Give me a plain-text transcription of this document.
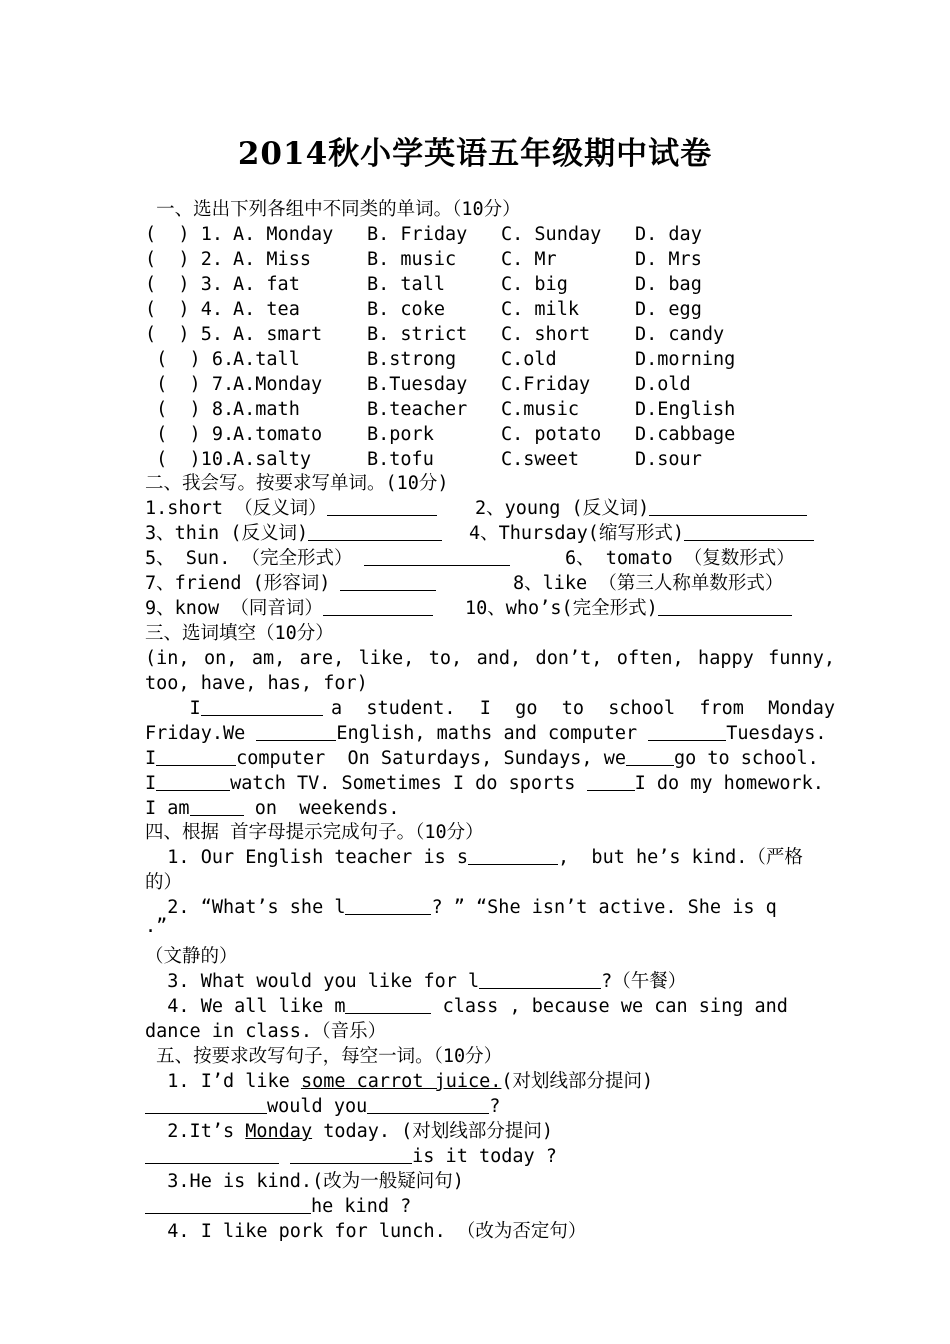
2014秋小学英语五年级期中试卷
一、选出下列各组中不同类的单词。（10分）
(  ) 1. A. Monday B. Friday C. Sunday D. day
(  ) 2. A. Miss	B. music C. Mr	D. Mrs
(  ) 3. A. fat	B. tall	C. big	D. bag
(  ) 4. A. tea	B. coke	C. milk	D. egg
(  ) 5. A. smart B. strict C. short D. candy
(  ) 6.
A.tall	B.strong C.old	D.morning
(  ) 7.
A.Monday B.Tuesday C.Friday D.old
(  ) 8.
A.math	B.teacher C.music	D.English
(  ) 9.
A.tomato B.pork	C. potato D.cabbage
(  )10.
A.salty	B.tofu	C.sweet	D.sour
二、我会写。按要求写单词。(10分)
1.short （反义词）	2、young (反义词)
3、thin (反义词)	4、Thursday(缩写形式)
5、 Sun. （完全形式）	6、 tomato （复数形式）
7、friend (形容词)	8、like （第三人称单数形式）
9、know （同音词）	10、who’s(完全形式)
三、选词填空（10分）
(in, on, am, are, like, to, and, don’t, often, happy funny,
too, have, has, for)
I	a student. I go to school from Monday
Friday.We	English, maths and computer	Tuesdays.
I	computer  On Saturdays, Sundays, we	go to school.
I	watch TV. Sometimes I do sports	I do my homework.
I am	on  weekends.
四、根据 首字母提示完成句子。（10分）
1. Our English teacher is s	,  but he’s kind.（严格
的）
2. “What’s she l	? ” “She isn’t active. She is q
.”
（文静的）
3. What would you like for l	?（午餐）
4. We all like m	class , because we can sing and
dance in class.（音乐）
五、按要求改写句子，每空一词。（10分）
1. I’d like some carrot juice.(对划线部分提问)
would you	?
2.It’s Monday today. (对划线部分提问)
is it today ?
3.He is kind.(改为一般疑问句)
he kind ?
4. I like pork for lunch. （改为否定句）
